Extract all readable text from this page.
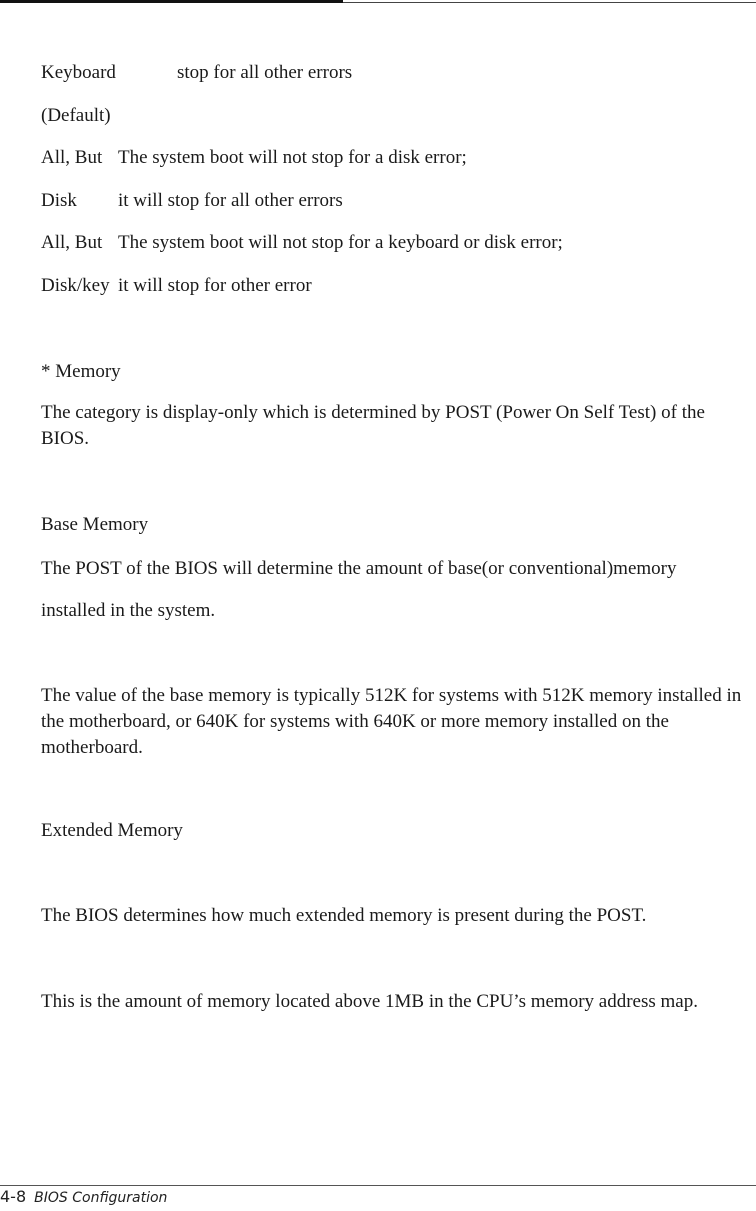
Keyboard	stop for all other errors
(Default)
All, But The system boot will not stop for a disk error;
Disk it will stop for all other errors
All, But The system boot will not stop for a keyboard or disk error;
Disk/key it will stop for other error
* Memory
The category is display-only which is determined by POST (Power On Self Test) of the BIOS.
Base Memory
The POST of the BIOS will determine the amount of base(or conventional)memory
installed in the system.
The value of the base memory is typically 512K for systems with 512K memory installed in the motherboard, or 640K for systems with 640K or more memory installed on the motherboard.
Extended Memory
The BIOS determines how much extended memory is present during the POST.
This is the amount of memory located above 1MB in the CPU’s memory address map.
4-8 BIOS Configuration
